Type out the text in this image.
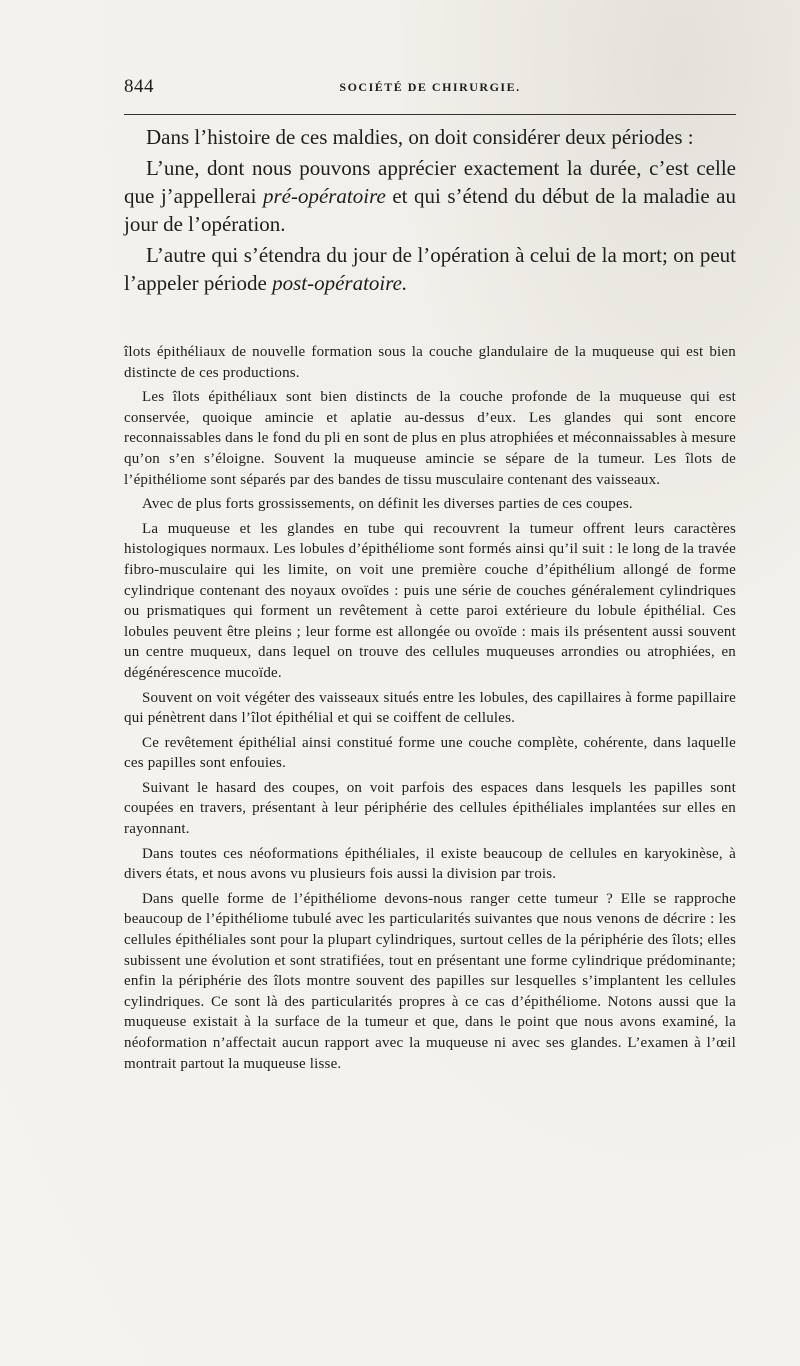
844	SOCIÉTÉ DE CHIRURGIE.

Dans l’histoire de ces maldies, on doit considérer deux périodes :

L’une, dont nous pouvons apprécier exactement la durée, c’est celle que j’appellerai pré-opératoire et qui s’étend du début de la maladie au jour de l’opération.

L’autre qui s’étendra du jour de l’opération à celui de la mort; on peut l’appeler période post-opératoire.

îlots épithéliaux de nouvelle formation sous la couche glandulaire de la muqueuse qui est bien distincte de ces productions.

Les îlots épithéliaux sont bien distincts de la couche profonde de la muqueuse qui est conservée, quoique amincie et aplatie au-dessus d’eux. Les glandes qui sont encore reconnaissables dans le fond du pli en sont de plus en plus atrophiées et méconnaissables à mesure qu’on s’en s’éloigne. Souvent la muqueuse amincie se sépare de la tumeur. Les îlots de l’épithéliome sont séparés par des bandes de tissu musculaire contenant des vaisseaux.

Avec de plus forts grossissements, on définit les diverses parties de ces coupes.

La muqueuse et les glandes en tube qui recouvrent la tumeur offrent leurs caractères histologiques normaux. Les lobules d’épithéliome sont formés ainsi qu’il suit : le long de la travée fibro-musculaire qui les limite, on voit une première couche d’épithélium allongé de forme cylindrique contenant des noyaux ovoïdes : puis une série de couches généralement cylindriques ou prismatiques qui forment un revêtement à cette paroi extérieure du lobule épithélial. Ces lobules peuvent être pleins ; leur forme est allongée ou ovoïde : mais ils présentent aussi souvent un centre muqueux, dans lequel on trouve des cellules muqueuses arrondies ou atrophiées, en dégénérescence mucoïde.

Souvent on voit végéter des vaisseaux situés entre les lobules, des capillaires à forme papillaire qui pénètrent dans l’îlot épithélial et qui se coiffent de cellules.

Ce revêtement épithélial ainsi constitué forme une couche complète, cohérente, dans laquelle ces papilles sont enfouies.

Suivant le hasard des coupes, on voit parfois des espaces dans lesquels les papilles sont coupées en travers, présentant à leur périphérie des cellules épithéliales implantées sur elles en rayonnant.

Dans toutes ces néoformations épithéliales, il existe beaucoup de cellules en karyokinèse, à divers états, et nous avons vu plusieurs fois aussi la division par trois.

Dans quelle forme de l’épithéliome devons-nous ranger cette tumeur ? Elle se rapproche beaucoup de l’épithéliome tubulé avec les particularités suivantes que nous venons de décrire : les cellules épithéliales sont pour la plupart cylindriques, surtout celles de la périphérie des îlots; elles subissent une évolution et sont stratifiées, tout en présentant une forme cylindrique prédominante; enfin la périphérie des îlots montre souvent des papilles sur lesquelles s’implantent les cellules cylindriques. Ce sont là des particularités propres à ce cas d’épithéliome. Notons aussi que la muqueuse existait à la surface de la tumeur et que, dans le point que nous avons examiné, la néoformation n’affectait aucun rapport avec la muqueuse ni avec ses glandes. L’examen à l’œil montrait partout la muqueuse lisse.
